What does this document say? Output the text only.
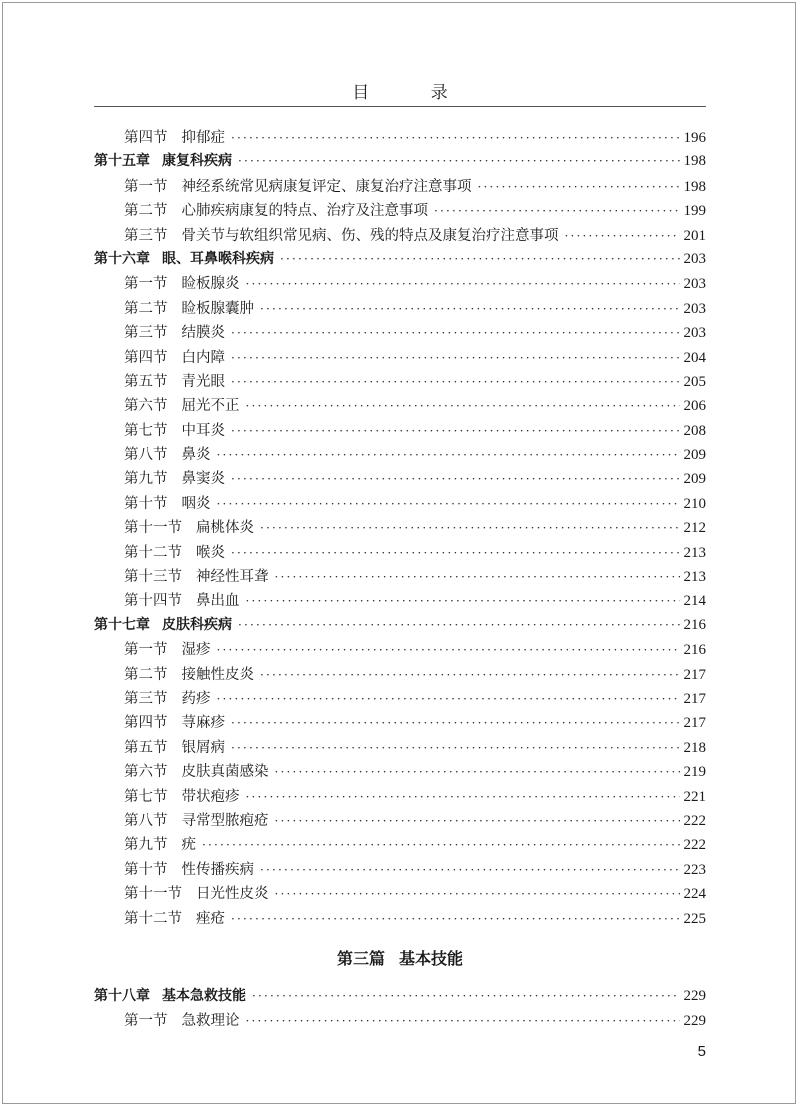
目 录
第四节 抑郁症 ·····	196
第十五章 康复科疾病 ·····	198
第一节 神经系统常见病康复评定、康复治疗注意事项 ·····	198
第二节 心肺疾病康复的特点、治疗及注意事项 ·····	199
第三节 骨关节与软组织常见病、伤、残的特点及康复治疗注意事项 ·····	201
第十六章 眼、耳鼻喉科疾病 ·····	203
第一节 睑板腺炎 ·····	203
第二节 睑板腺囊肿 ·····	203
第三节 结膜炎 ·····	203
第四节 白内障 ·····	204
第五节 青光眼 ·····	205
第六节 屈光不正 ·····	206
第七节 中耳炎 ·····	208
第八节 鼻炎 ·····	209
第九节 鼻窦炎 ·····	209
第十节 咽炎 ·····	210
第十一节 扁桃体炎 ·····	212
第十二节 喉炎 ·····	213
第十三节 神经性耳聋 ·····	213
第十四节 鼻出血 ·····	214
第十七章 皮肤科疾病 ·····	216
第一节 湿疹 ·····	216
第二节 接触性皮炎 ·····	217
第三节 药疹 ·····	217
第四节 荨麻疹 ·····	217
第五节 银屑病 ·····	218
第六节 皮肤真菌感染 ·····	219
第七节 带状疱疹 ·····	221
第八节 寻常型脓疱疮 ·····	222
第九节 疣 ·····	222
第十节 性传播疾病 ·····	223
第十一节 日光性皮炎 ·····	224
第十二节 痤疮 ·····	225
第三篇 基本技能
第十八章 基本急救技能 ·····	229
第一节 急救理论 ·····	229
5
